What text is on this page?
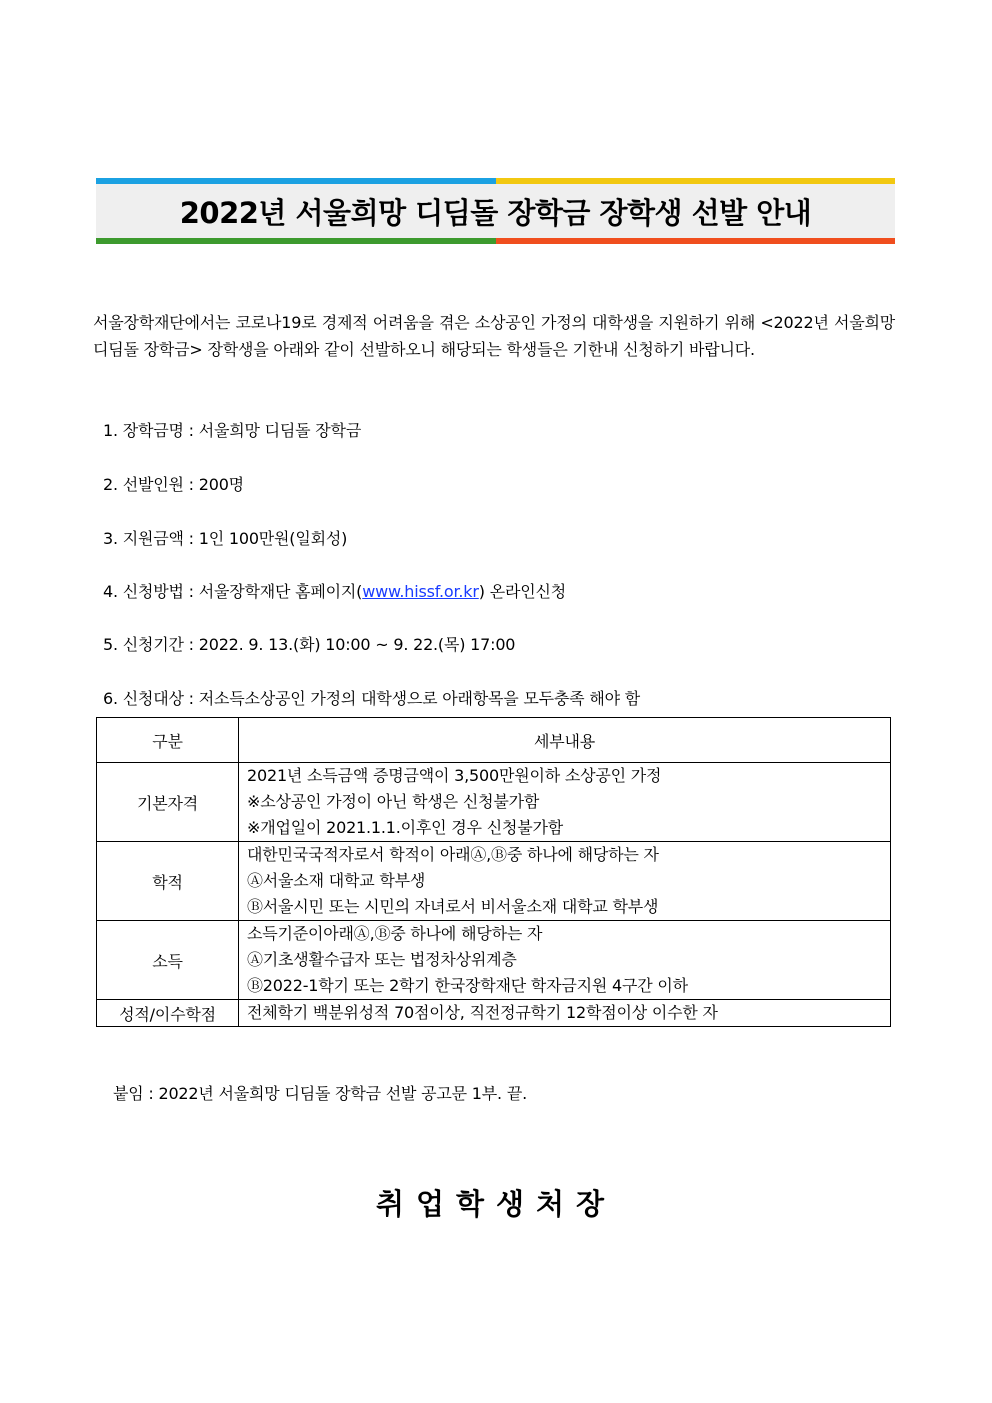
2022년 서울희망 디딤돌 장학금 장학생 선발 안내
서울장학재단에서는 코로나19로 경제적 어려움을 겪은 소상공인 가정의 대학생을 지원하기 위해 <2022년 서울희망 디딤돌 장학금> 장학생을 아래와 같이 선발하오니 해당되는 학생들은 기한내 신청하기 바랍니다.
1. 장학금명 : 서울희망 디딤돌 장학금
2. 선발인원 : 200명
3. 지원금액 : 1인 100만원(일회성)
4. 신청방법 : 서울장학재단 홈페이지(www.hissf.or.kr) 온라인신청
5. 신청기간 : 2022. 9. 13.(화) 10:00 ~ 9. 22.(목) 17:00
6. 신청대상 : 저소득소상공인 가정의 대학생으로 아래항목을 모두충족 해야 함
구분	세부내용
기본자격	2021년 소득금액 증명금액이 3,500만원이하 소상공인 가정
※소상공인 가정이 아닌 학생은 신청불가함
※개업일이 2021.1.1.이후인 경우 신청불가함

학적	대한민국국적자로서 학적이 아래Ⓐ,Ⓑ중 하나에 해당하는 자
Ⓐ서울소재 대학교 학부생
Ⓑ서울시민 또는 시민의 자녀로서 비서울소재 대학교 학부생

소득	소득기준이아래Ⓐ,Ⓑ중 하나에 해당하는 자
Ⓐ기초생활수급자 또는 법정차상위계층
Ⓑ2022-1학기 또는 2학기 한국장학재단 학자금지원 4구간 이하

성적/이수학점	전체학기 백분위성적 70점이상, 직전정규학기 12학점이상 이수한 자
붙임 : 2022년 서울희망 디딤돌 장학금 선발 공고문 1부. 끝.
취업학생처장
